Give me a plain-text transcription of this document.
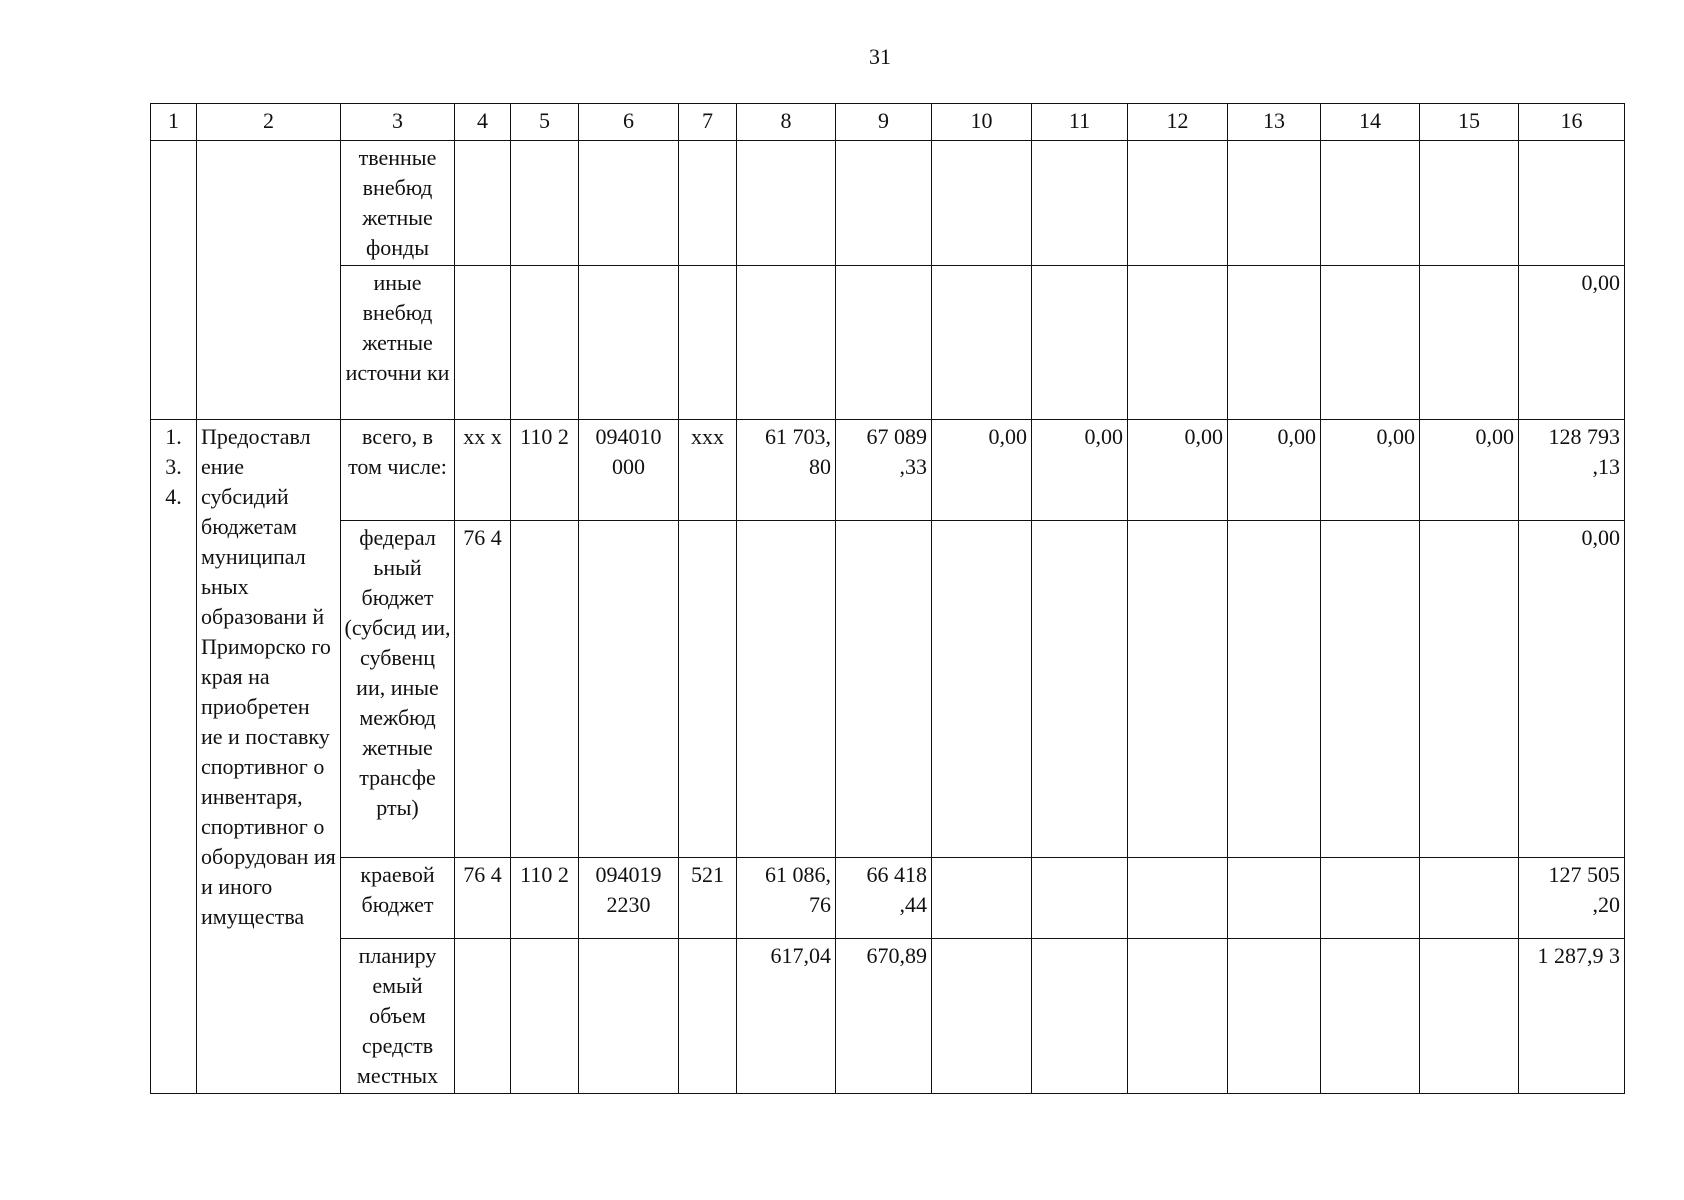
31
1	2	3	4	5	6	7	8	9	10	11	12	13	14	15	16
		твенные внебюд жетные фонды													
		иные внебюд жетные источни ки													0,00
1. 3. 4.	Предоставл ение субсидий бюджетам муниципал ьных образовани й Приморско го края на приобретен ие и поставку спортивног о инвентаря, спортивног о оборудован ия и иного имущества	всего, в том числе:	xx x	110 2	094010 000	xxx	61 703, 80	67 089 ,33	0,00	0,00	0,00	0,00	0,00	0,00	128 793 ,13
		федерал ьный бюджет (субсид ии, субвенц ии, иные межбюд жетные трансфе рты)	76 4												0,00
		краевой бюджет	76 4	110 2	094019 2230	521	61 086, 76	66 418 ,44							127 505 ,20
		планиру емый объем средств местных					617,04	670,89							1 287,9 3
